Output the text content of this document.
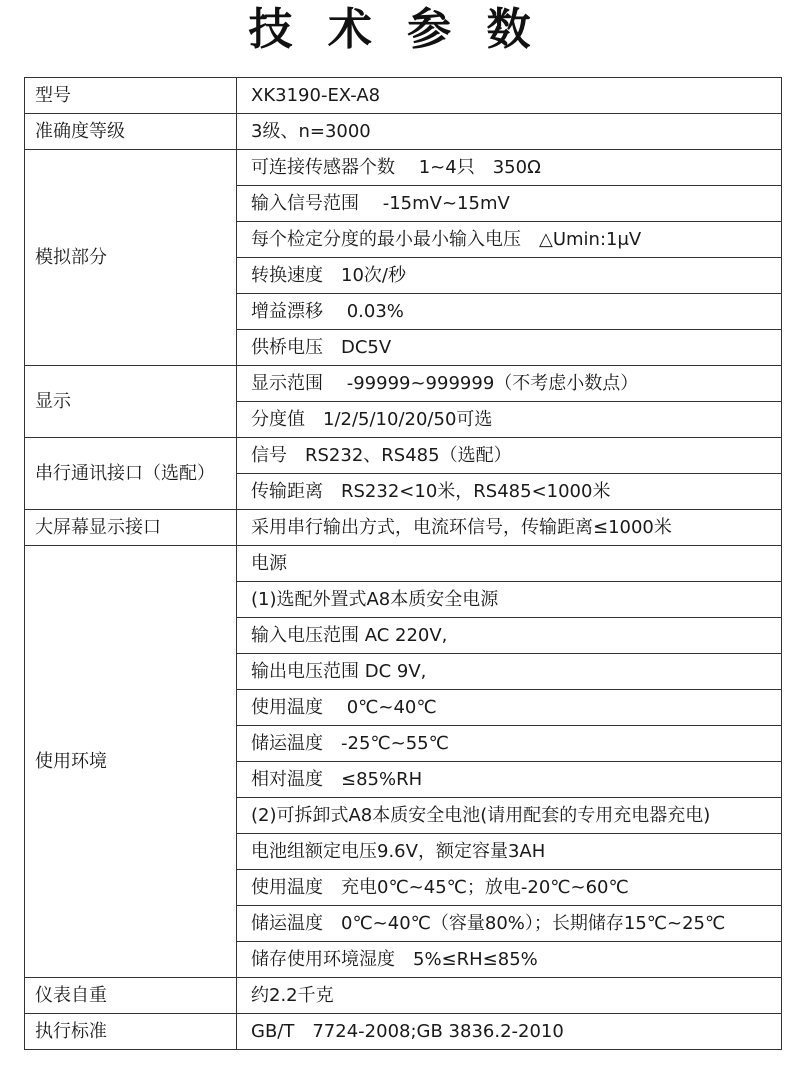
技 术 参 数
型号	XK3190-EX-A8
准确度等级	3级、n=3000
模拟部分	可连接传感器个数　 1~4只　350Ω
	输入信号范围　 -15mV~15mV
	每个检定分度的最小最小输入电压　△Umin:1μV
	转换速度　10次/秒
	增益漂移　 0.03%
	供桥电压　DC5V
显示	显示范围　 -99999~999999（不考虑小数点）
	分度值　1/2/5/10/20/50可选
串行通讯接口（选配）	信号　RS232、RS485（选配）
	传输距离　RS232<10米，RS485<1000米
大屏幕显示接口	采用串行输出方式，电流环信号，传输距离≤1000米
使用环境	电源
	(1)选配外置式A8本质安全电源
	输入电压范围 AC 220V,
	输出电压范围 DC 9V,
	使用温度　 0℃~40℃
	储运温度　-25℃~55℃
	相对温度　≤85%RH
	(2)可拆卸式A8本质安全电池(请用配套的专用充电器充电)
	电池组额定电压9.6V，额定容量3AH
	使用温度　充电0℃~45℃；放电-20℃~60℃
	储运温度　0℃~40℃（容量80%）；长期储存15℃~25℃
	储存使用环境湿度　5%≤RH≤85%
仪表自重	约2.2千克
执行标准	GB/T　7724-2008;GB 3836.2-2010
